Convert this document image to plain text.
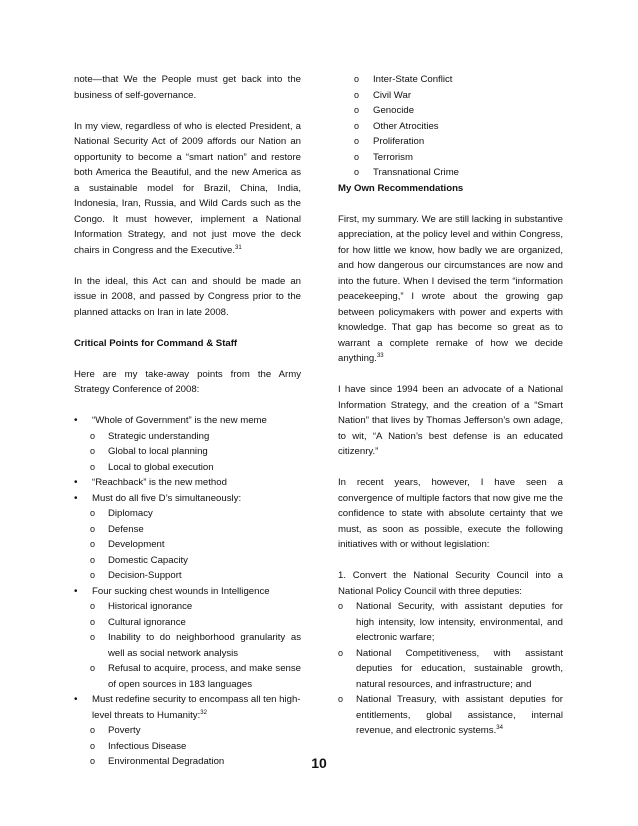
note—that We the People must get back into the business of self-governance.

In my view, regardless of who is elected President, a National Security Act of 2009 affords our Nation an opportunity to become a “smart nation” and restore both America the Beautiful, and the new America as a sustainable model for Brazil, China, India, Indonesia, Iran, Russia, and Wild Cards such as the Congo. It must however, implement a National Information Strategy, and not just move the deck chairs in Congress and the Executive.$^{31}$

In the ideal, this Act can and should be made an issue in 2008, and passed by Congress prior to the planned attacks on Iran in late 2008.

Critical Points for Command & Staff

Here are my take-away points from the Army Strategy Conference of 2008:

• “Whole of Government” is the new meme
o Strategic understanding
o Global to local planning
o Local to global execution
• “Reachback” is the new method
• Must do all five D’s simultaneously:
o Diplomacy
o Defense
o Development
o Domestic Capacity
o Decision-Support
• Four sucking chest wounds in Intelligence
o Historical ignorance
o Cultural ignorance
o Inability to do neighborhood granularity as well as social network analysis
o Refusal to acquire, process, and make sense of open sources in 183 languages
• Must redefine security to encompass all ten high-level threats to Humanity:$^{32}$
o Poverty
o Infectious Disease
o Environmental Degradation
o Inter-State Conflict
o Civil War
o Genocide
o Other Atrocities
o Proliferation
o Terrorism
o Transnational Crime
My Own Recommendations

First, my summary. We are still lacking in substantive appreciation, at the policy level and within Congress, for how little we know, how badly we are organized, and how dangerous our circumstances are now and into the future. When I devised the term “information peacekeeping,” I wrote about the growing gap between policymakers with power and experts with knowledge. That gap has become so great as to warrant a complete remake of how we decide anything.$^{33}$

I have since 1994 been an advocate of a National Information Strategy, and the creation of a “Smart Nation” that lives by Thomas Jefferson’s own adage, to wit, “A Nation’s best defense is an educated citizenry.”

In recent years, however, I have seen a convergence of multiple factors that now give me the confidence to state with absolute certainty that we must, as soon as possible, execute the following initiatives with or without legislation:

1. Convert the National Security Council into a National Policy Council with three deputies:

o National Security, with assistant deputies for high intensity, low intensity, environmental, and electronic warfare;
o National Competitiveness, with assistant deputies for education, sustainable growth, natural resources, and infrastructure; and
o National Treasury, with assistant deputies for entitlements, global assistance, internal revenue, and electronic systems.$^{34}$
10
